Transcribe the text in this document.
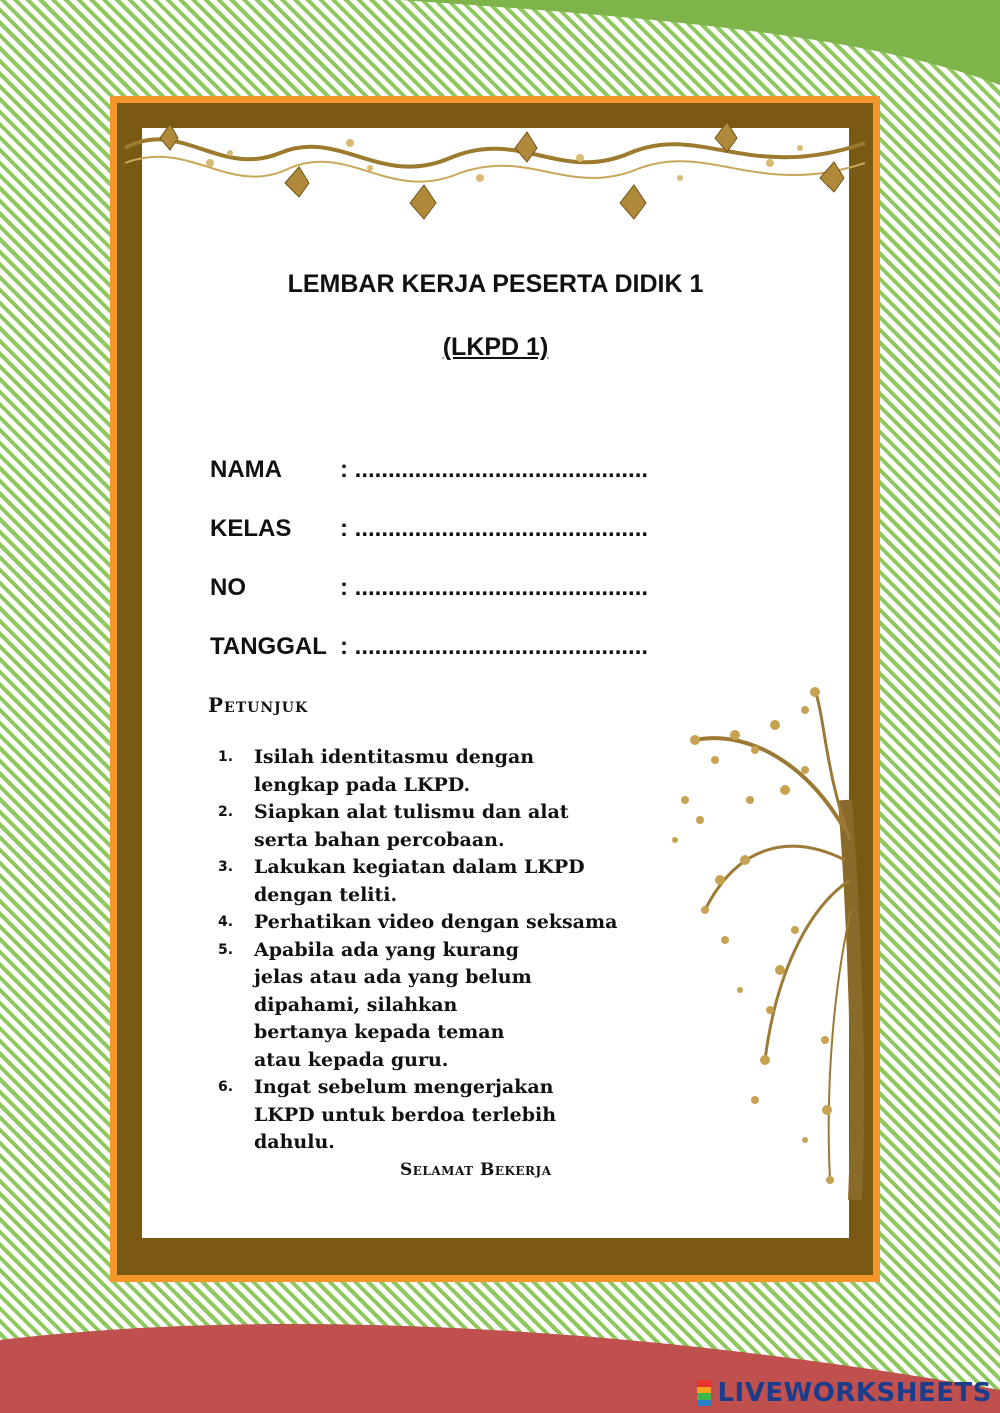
LEMBAR KERJA PESERTA DIDIK 1
(LKPD 1)
NAMA : ............................................
KELAS : ............................................
NO	: ............................................
TANGGAL : ............................................
Petunjuk
1. Isilah identitasmu dengan
lengkap pada LKPD.
2. Siapkan alat tulismu dan alat
serta bahan percobaan.
3. Lakukan kegiatan dalam LKPD
dengan teliti.
4. Perhatikan video dengan seksama
5. Apabila ada yang kurang
jelas atau ada yang belum
dipahami, silahkan
bertanya kepada teman
atau kepada guru.
6. Ingat sebelum mengerjakan
LKPD untuk berdoa terlebih
dahulu.
Selamat Bekerja
LIVEWORKSHEETS
